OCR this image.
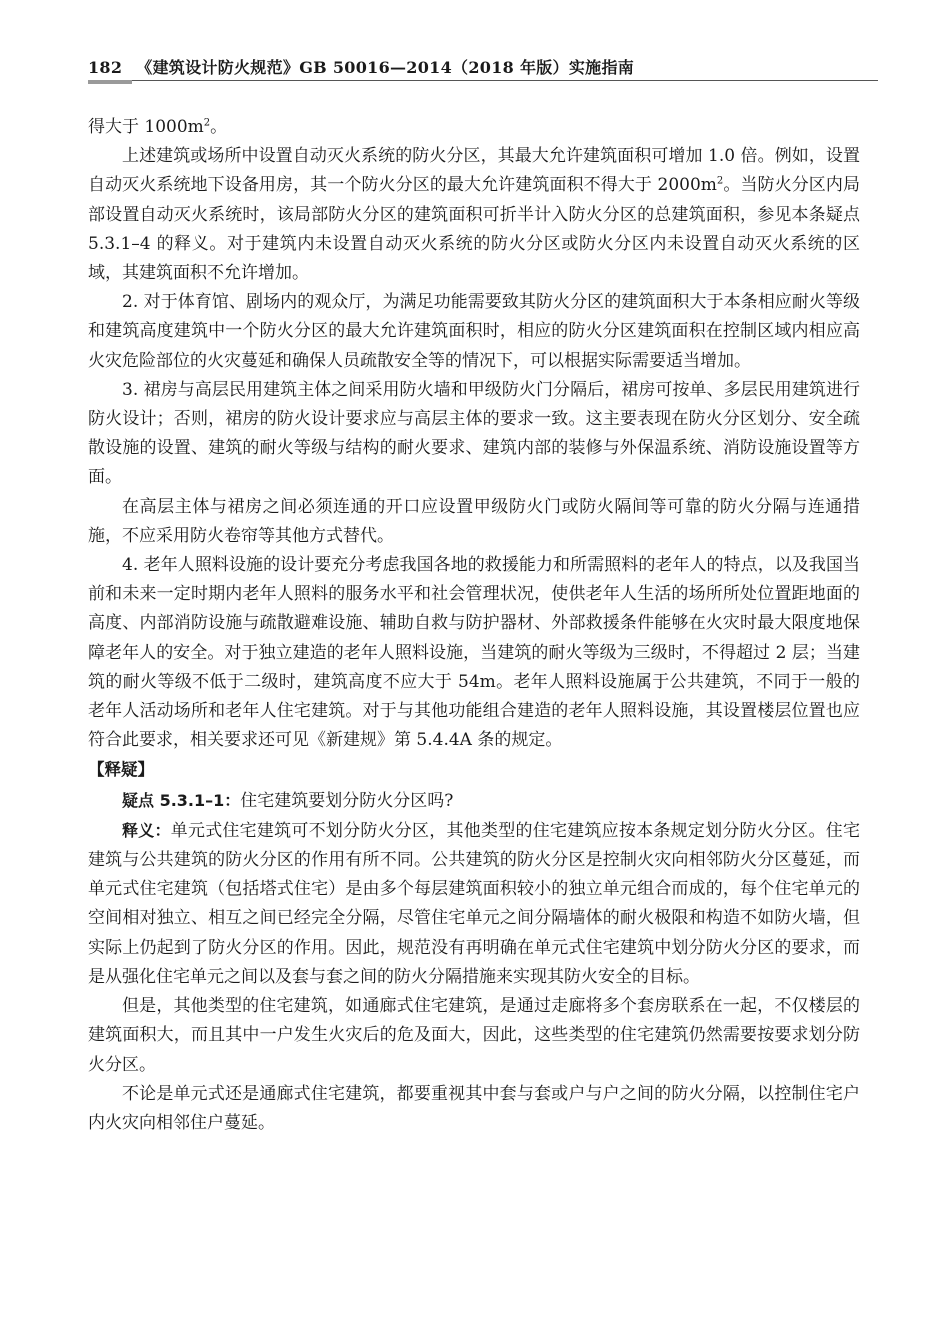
182 《建筑设计防火规范》GB 50016—2014（2018 年版）实施指南

得大于 $1000m^2$。

上述建筑或场所中设置自动灭火系统的防火分区，其最大允许建筑面积可增加 1.0 倍。例如，设置自动灭火系统地下设备用房，其一个防火分区的最大允许建筑面积不得大于 $2000m^2$。当防火分区内局部设置自动灭火系统时，该局部防火分区的建筑面积可折半计入防火分区的总建筑面积，参见本条疑点 5.3.1–4 的释义。对于建筑内未设置自动灭火系统的防火分区或防火分区内未设置自动灭火系统的区域，其建筑面积不允许增加。

2. 对于体育馆、剧场内的观众厅，为满足功能需要致其防火分区的建筑面积大于本条相应耐火等级和建筑高度建筑中一个防火分区的最大允许建筑面积时，相应的防火分区建筑面积在控制区域内相应高火灾危险部位的火灾蔓延和确保人员疏散安全等的情况下，可以根据实际需要适当增加。

3. 裙房与高层民用建筑主体之间采用防火墙和甲级防火门分隔后，裙房可按单、多层民用建筑进行防火设计；否则，裙房的防火设计要求应与高层主体的要求一致。这主要表现在防火分区划分、安全疏散设施的设置、建筑的耐火等级与结构的耐火要求、建筑内部的装修与外保温系统、消防设施设置等方面。

在高层主体与裙房之间必须连通的开口应设置甲级防火门或防火隔间等可靠的防火分隔与连通措施，不应采用防火卷帘等其他方式替代。

4. 老年人照料设施的设计要充分考虑我国各地的救援能力和所需照料的老年人的特点，以及我国当前和未来一定时期内老年人照料的服务水平和社会管理状况，使供老年人生活的场所所处位置距地面的高度、内部消防设施与疏散避难设施、辅助自救与防护器材、外部救援条件能够在火灾时最大限度地保障老年人的安全。对于独立建造的老年人照料设施，当建筑的耐火等级为三级时，不得超过 2 层；当建筑的耐火等级不低于二级时，建筑高度不应大于 54m。老年人照料设施属于公共建筑，不同于一般的老年人活动场所和老年人住宅建筑。对于与其他功能组合建造的老年人照料设施，其设置楼层位置也应符合此要求，相关要求还可见《新建规》第 5.4.4A 条的规定。

【释疑】

疑点 5.3.1–1：住宅建筑要划分防火分区吗?

释义：单元式住宅建筑可不划分防火分区，其他类型的住宅建筑应按本条规定划分防火分区。住宅建筑与公共建筑的防火分区的作用有所不同。公共建筑的防火分区是控制火灾向相邻防火分区蔓延，而单元式住宅建筑（包括塔式住宅）是由多个每层建筑面积较小的独立单元组合而成的，每个住宅单元的空间相对独立、相互之间已经完全分隔，尽管住宅单元之间分隔墙体的耐火极限和构造不如防火墙，但实际上仍起到了防火分区的作用。因此，规范没有再明确在单元式住宅建筑中划分防火分区的要求，而是从强化住宅单元之间以及套与套之间的防火分隔措施来实现其防火安全的目标。

但是，其他类型的住宅建筑，如通廊式住宅建筑，是通过走廊将多个套房联系在一起，不仅楼层的建筑面积大，而且其中一户发生火灾后的危及面大，因此，这些类型的住宅建筑仍然需要按要求划分防火分区。

不论是单元式还是通廊式住宅建筑，都要重视其中套与套或户与户之间的防火分隔，以控制住宅户内火灾向相邻住户蔓延。
